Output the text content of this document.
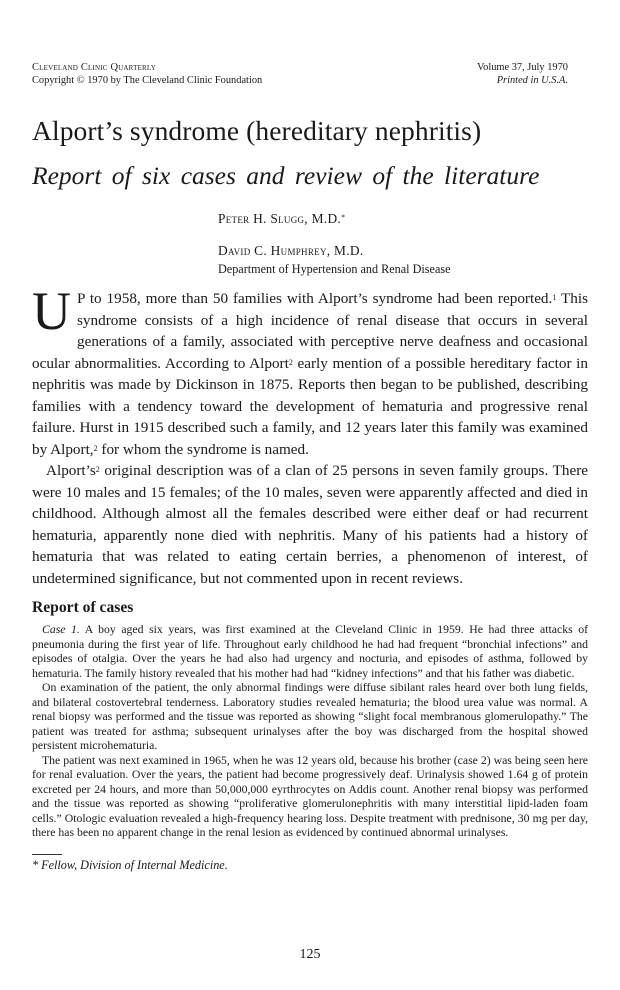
Cleveland Clinic Quarterly
Copyright © 1970 by The Cleveland Clinic Foundation
Volume 37, July 1970
Printed in U.S.A.
Alport’s syndrome (hereditary nephritis)
Report of six cases and review of the literature
Peter H. Slugg, M.D.*
David C. Humphrey, M.D.
Department of Hypertension and Renal Disease

U P to 1958, more than 50 families with Alport’s syndrome had been reported.$^1$ This syndrome consists of a high incidence of renal disease that occurs in several generations of a family, associated with perceptive nerve deafness and occasional ocular abnormalities. According to Alport$^2$ early mention of a possible hereditary factor in nephritis was made by Dickinson in 1875. Reports then began to be published, describing families with a tendency toward the development of hematuria and progressive renal failure. Hurst in 1915 described such a family, and 12 years later this family was examined by Alport,$^2$ for whom the syndrome is named.

$Alport’s^2$ original description was of a clan of 25 persons in seven family groups. There were 10 males and 15 females; of the 10 males, seven were apparently affected and died in childhood. Although almost all the females described were either deaf or had recurrent hematuria, apparently none died with nephritis. Many of his patients had a history of hematuria that was related to eating certain berries, a phenomenon of interest, of undetermined significance, but not commented upon in recent reviews.

Report of cases

Case 1. A boy aged six years, was first examined at the Cleveland Clinic in 1959. He had three attacks of pneumonia during the first year of life. Throughout early childhood he had had frequent “bronchial infections” and episodes of otalgia. Over the years he had also had urgency and nocturia, and episodes of asthma, followed by hematuria. The family history revealed that his mother had had “kidney infections” and that his father was diabetic.

On examination of the patient, the only abnormal findings were diffuse sibilant rales heard over both lung fields, and bilateral costovertebral tenderness. Laboratory studies revealed hematuria; the blood urea value was normal. A renal biopsy was performed and the tissue was reported as showing “slight focal membranous glomerulopathy.” The patient was treated for asthma; subsequent urinalyses after the boy was discharged from the hospital showed persistent microhematuria.

The patient was next examined in 1965, when he was 12 years old, because his brother (case 2) was being seen here for renal evaluation. Over the years, the patient had become progressively deaf. Urinalysis showed 1.64 g of protein excreted per 24 hours, and more than 50,000,000 eyrthrocytes on Addis count. Another renal biopsy was performed and the tissue was reported as showing “proliferative glomerulonephritis with many interstitial lipid-laden foam cells.” Otologic evaluation revealed a high-frequency hearing loss. Despite treatment with prednisone, 30 mg per day, there has been no apparent change in the renal lesion as evidenced by continued abnormal urinalyses.

* Fellow, Division of Internal Medicine.
125
